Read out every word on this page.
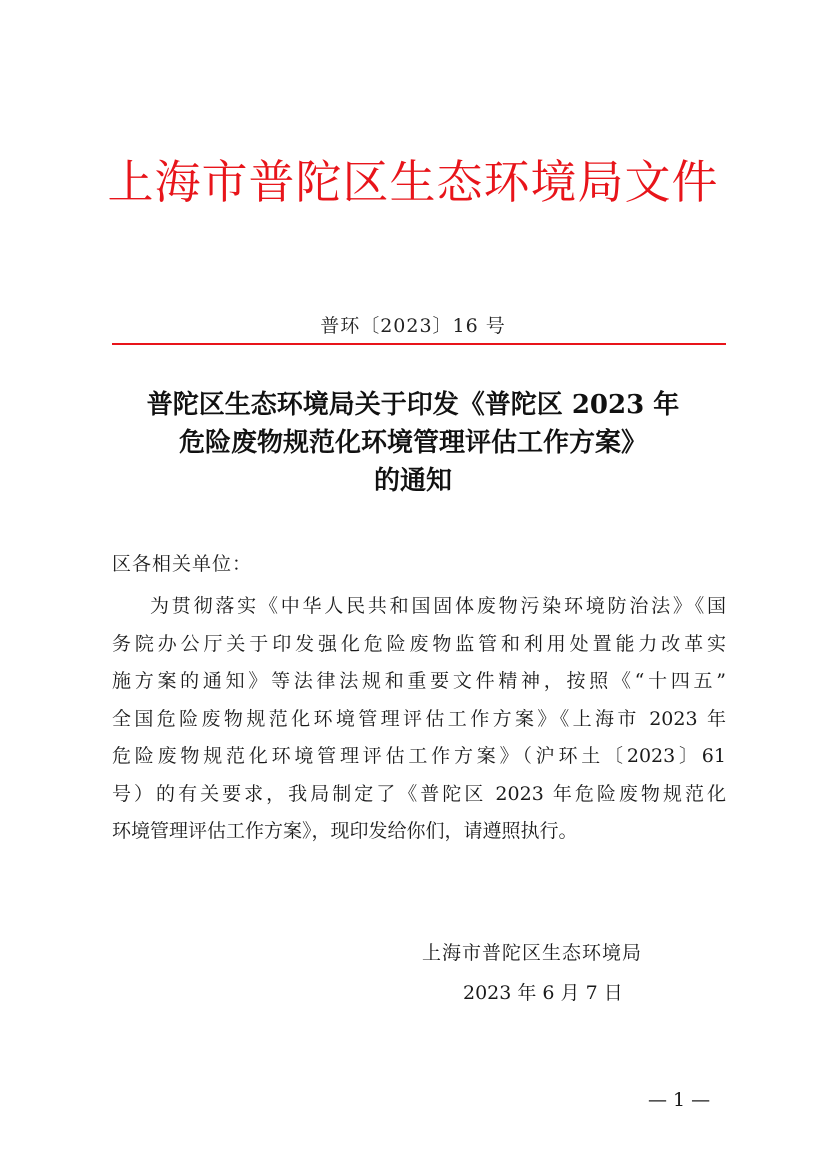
上海市普陀区生态环境局文件
普环〔2023〕16 号
普陀区生态环境局关于印发《普陀区 2023 年
危险废物规范化环境管理评估工作方案》
的通知
区各相关单位：
为贯彻落实《中华人民共和国固体废物污染环境防治法》《国
务院办公厅关于印发强化危险废物监管和利用处置能力改革实
施方案的通知》等法律法规和重要文件精神，按照《“十四五”
全国危险废物规范化环境管理评估工作方案》《上海市 2023 年
危险废物规范化环境管理评估工作方案》（沪环土〔2023〕61
号）的有关要求，我局制定了《普陀区 2023 年危险废物规范化
环境管理评估工作方案》，现印发给你们，请遵照执行。
上海市普陀区生态环境局
2023 年 6 月 7 日
— 1 —
